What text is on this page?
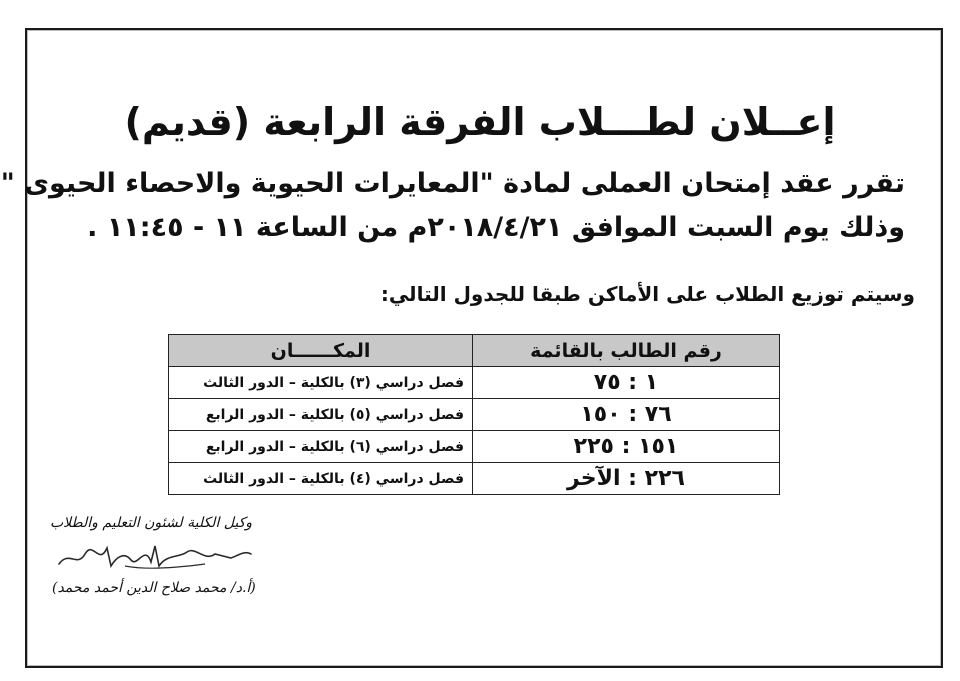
إعــلان لطـــلاب الفرقة الرابعة (قديم)
تقرر عقد إمتحان العملى لمادة "المعايرات الحيوية والاحصاء الحيوى "
وذلك يوم السبت الموافق ٢٠١٨/٤/٢١م من الساعة ١١ - ١١:٤٥ .
وسيتم توزيع الطلاب على الأماكن طبقا للجدول التالي:
رقم الطالب بالقائمة	المكــــــان
١ : ٧٥	فصل دراسي (٣) بالكلية – الدور الثالث
٧٦ : ١٥٠	فصل دراسي (٥) بالكلية – الدور الرابع
١٥١ : ٢٢٥	فصل دراسي (٦) بالكلية – الدور الرابع
٢٢٦ : الآخر	فصل دراسي (٤) بالكلية – الدور الثالث
وكيل الكلية لشئون التعليم والطلاب
(أ.د/ محمد صلاح الدين أحمد محمد)
